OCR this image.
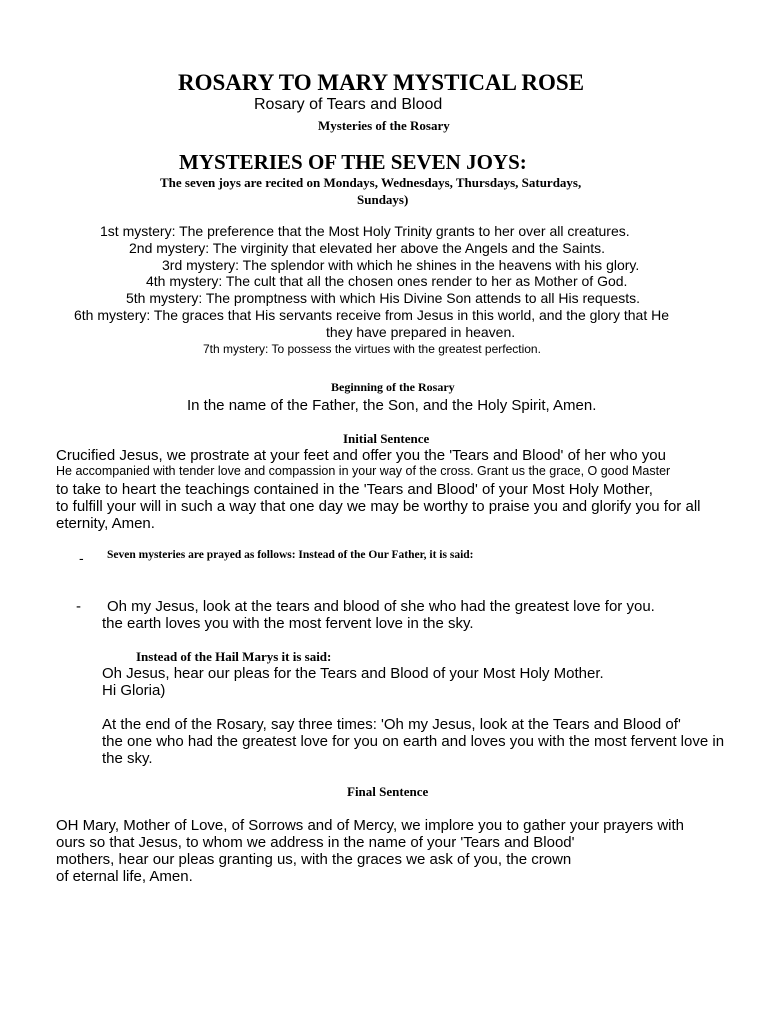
ROSARY TO MARY MYSTICAL ROSE
Rosary of Tears and Blood
Mysteries of the Rosary
MYSTERIES OF THE SEVEN JOYS:
The seven joys are recited on Mondays, Wednesdays, Thursdays, Saturdays,
Sundays)
1st mystery: The preference that the Most Holy Trinity grants to her over all creatures.
2nd mystery: The virginity that elevated her above the Angels and the Saints.
3rd mystery: The splendor with which he shines in the heavens with his glory.
4th mystery: The cult that all the chosen ones render to her as Mother of God.
5th mystery: The promptness with which His Divine Son attends to all His requests.
6th mystery: The graces that His servants receive from Jesus in this world, and the glory that He
they have prepared in heaven.
7th mystery: To possess the virtues with the greatest perfection.
Beginning of the Rosary
In the name of the Father, the Son, and the Holy Spirit, Amen.
Initial Sentence
Crucified Jesus, we prostrate at your feet and offer you the 'Tears and Blood' of her who you
He accompanied with tender love and compassion in your way of the cross. Grant us the grace, O good Master
to take to heart the teachings contained in the 'Tears and Blood' of your Most Holy Mother,
to fulfill your will in such a way that one day we may be worthy to praise you and glorify you for all
eternity, Amen.
- Seven mysteries are prayed as follows: Instead of the Our Father, it is said:
- Oh my Jesus, look at the tears and blood of she who had the greatest love for you.
the earth loves you with the most fervent love in the sky.
Instead of the Hail Marys it is said:
Oh Jesus, hear our pleas for the Tears and Blood of your Most Holy Mother.
Hi Gloria)
At the end of the Rosary, say three times: 'Oh my Jesus, look at the Tears and Blood of'
the one who had the greatest love for you on earth and loves you with the most fervent love in
the sky.
Final Sentence
OH Mary, Mother of Love, of Sorrows and of Mercy, we implore you to gather your prayers with
ours so that Jesus, to whom we address in the name of your 'Tears and Blood'
mothers, hear our pleas granting us, with the graces we ask of you, the crown
of eternal life, Amen.
